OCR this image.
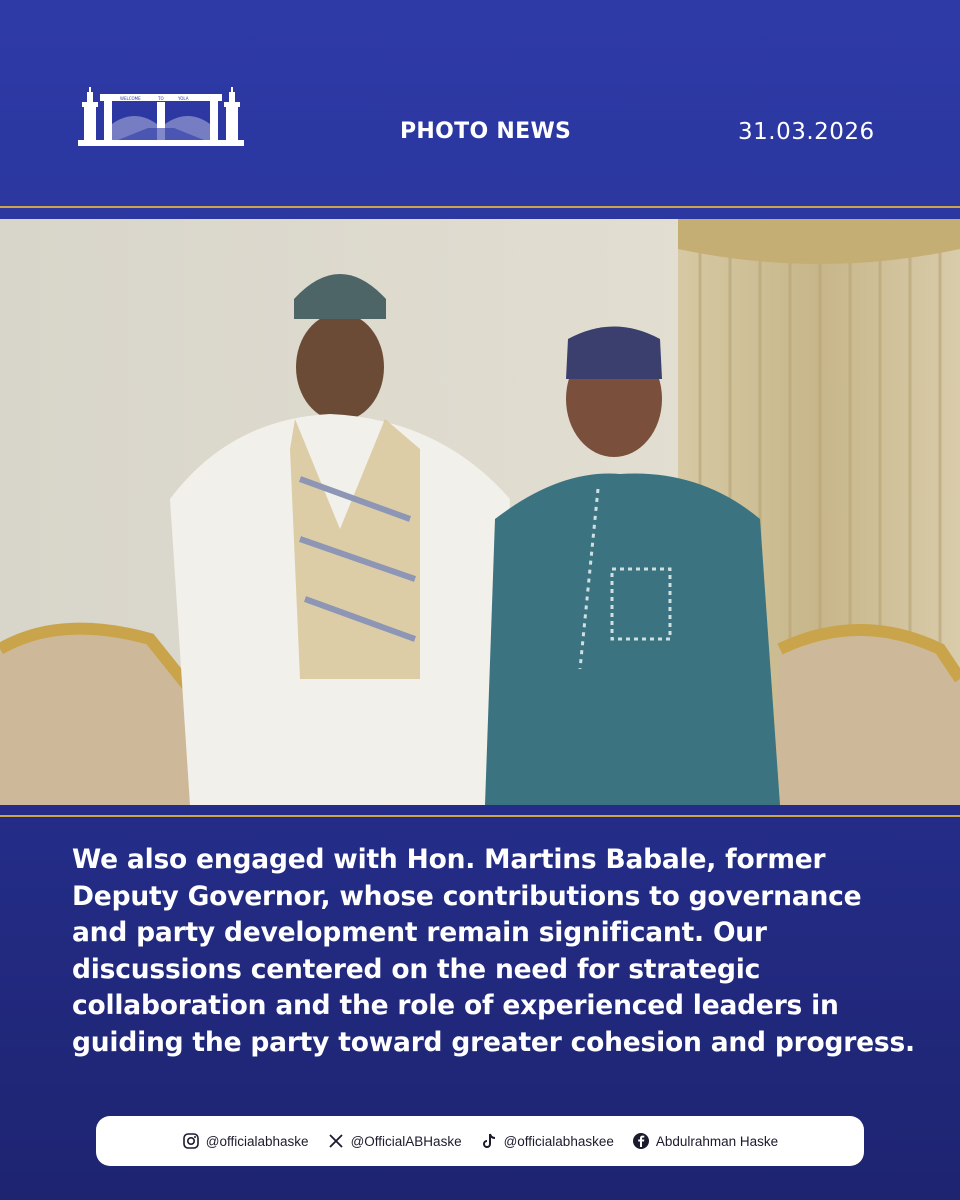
WELCOME	TO	YOLA
PHOTO NEWS	31.03.2026
We also engaged with Hon. Martins Babale, former Deputy Governor, whose contributions to governance and party development remain significant. Our discussions centered on the need for strategic collaboration and the role of experienced leaders in guiding the party toward greater cohesion and progress.
@officialabhaske	@OfficialABHaske	@officialabhaskee	Abdulrahman Haske
